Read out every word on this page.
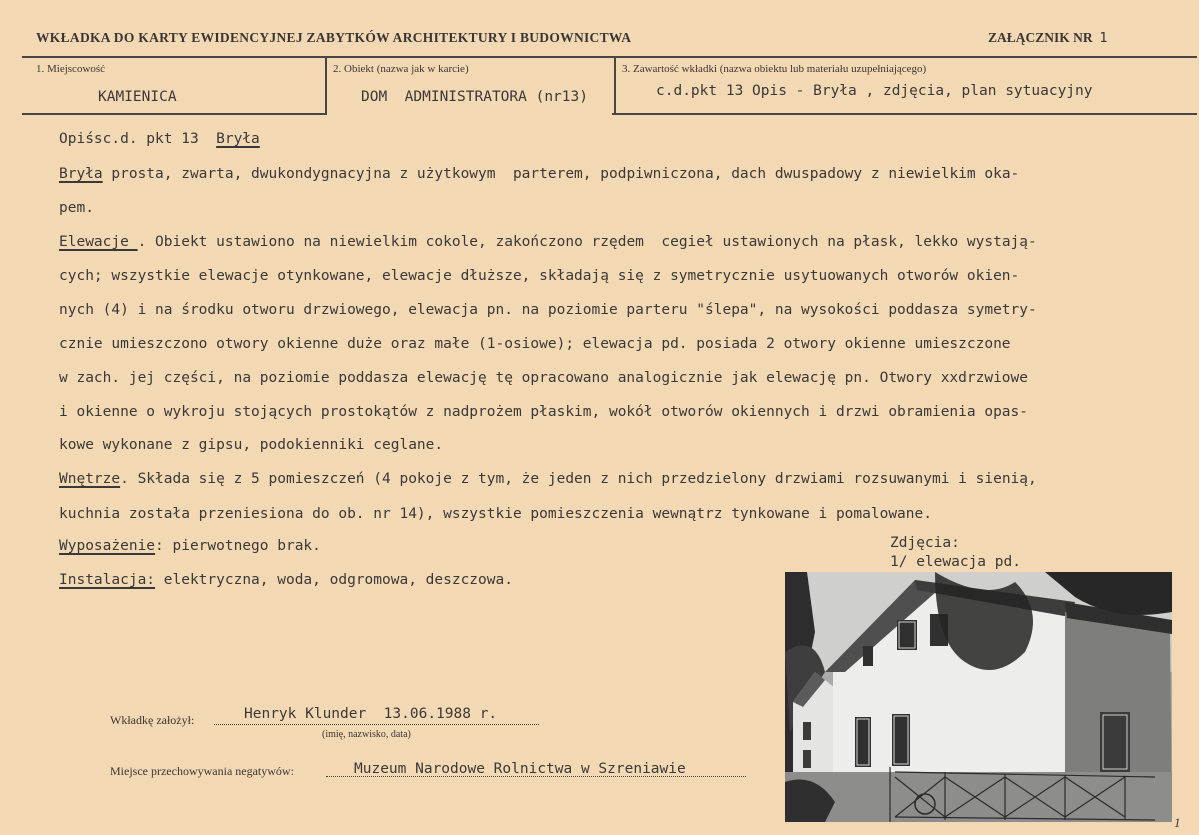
WKŁADKA DO KARTY EWIDENCYJNEJ ZABYTKÓW ARCHITEKTURY I BUDOWNICTWA	ZAŁĄCZNIK NR 1
1. Miejscowość
KAMIENICA
2. Obiekt (nazwa jak w karcie)
DOM  ADMINISTRATORA (nr13)
3. Zawartość wkładki (nazwa obiektu lub materiału uzupełniającego)
c.d.pkt 13 Opis - Bryła , zdjęcia, plan sytuacyjny
Opiśsc.d. pkt 13  Bryła
Bryła prosta, zwarta, dwukondygnacyjna z użytkowym  parterem, podpiwniczona, dach dwuspadowy z niewielkim oka-
pem.
Elewacje . Obiekt ustawiono na niewielkim cokole, zakończono rzędem  cegieł ustawionych na płask, lekko wystają-
cych; wszystkie elewacje otynkowane, elewacje dłuższe, składają się z symetrycznie usytuowanych otworów okien-
nych (4) i na środku otworu drzwiowego, elewacja pn. na poziomie parteru "ślepa", na wysokości poddasza symetry-
cznie umieszczono otwory okienne duże oraz małe (1-osiowe); elewacja pd. posiada 2 otwory okienne umieszczone
w zach. jej części, na poziomie poddasza elewację tę opracowano analogicznie jak elewację pn. Otwory xxdrzwiowe
i okienne o wykroju stojących prostokątów z nadprożem płaskim, wokół otworów okiennych i drzwi obramienia opas-
kowe wykonane z gipsu, podokienniki ceglane.
Wnętrze. Składa się z 5 pomieszczeń (4 pokoje z tym, że jeden z nich przedzielony drzwiami rozsuwanymi i sienią,
kuchnia została przeniesiona do ob. nr 14), wszystkie pomieszczenia wewnątrz tynkowane i pomalowane.
Wyposażenie: pierwotnego brak.
Instalacja: elektryczna, woda, odgromowa, deszczowa.
Zdjęcia:
1/ elewacja pd.
Wkładkę założył:	Henryk Klunder  13.06.1988 r.
(imię, nazwisko, data)
Miejsce przechowywania negatywów:	Muzeum Narodowe Rolnictwa w Szreniawie
1
